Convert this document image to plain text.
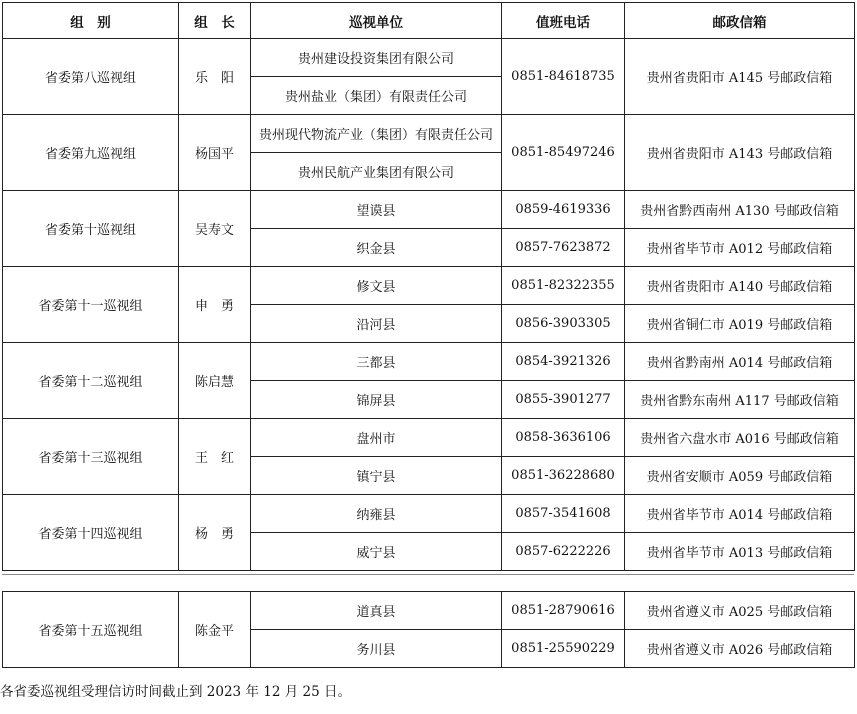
组　别	组　长	巡视单位	值班电话	邮政信箱
省委第八巡视组	乐　阳	贵州建设投资集团有限公司	0851-84618735	贵州省贵阳市 A145 号邮政信箱
		贵州盐业（集团）有限责任公司		
省委第九巡视组	杨国平	贵州现代物流产业（集团）有限责任公司	0851-85497246	贵州省贵阳市 A143 号邮政信箱
		贵州民航产业集团有限公司		
省委第十巡视组	吴寿文	望谟县	0859-4619336	贵州省黔西南州 A130 号邮政信箱
		织金县	0857-7623872	贵州省毕节市 A012 号邮政信箱
省委第十一巡视组	申　勇	修文县	0851-82322355	贵州省贵阳市 A140 号邮政信箱
		沿河县	0856-3903305	贵州省铜仁市 A019 号邮政信箱
省委第十二巡视组	陈启慧	三都县	0854-3921326	贵州省黔南州 A014 号邮政信箱
		锦屏县	0855-3901277	贵州省黔东南州 A117 号邮政信箱
省委第十三巡视组	王　红	盘州市	0858-3636106	贵州省六盘水市 A016 号邮政信箱
		镇宁县	0851-36228680	贵州省安顺市 A059 号邮政信箱
省委第十四巡视组	杨　勇	纳雍县	0857-3541608	贵州省毕节市 A014 号邮政信箱
		威宁县	0857-6222226	贵州省毕节市 A013 号邮政信箱
省委第十五巡视组	陈金平	道真县	0851-28790616	贵州省遵义市 A025 号邮政信箱
		务川县	0851-25590229	贵州省遵义市 A026 号邮政信箱
各省委巡视组受理信访时间截止到 2023 年 12 月 25 日。
